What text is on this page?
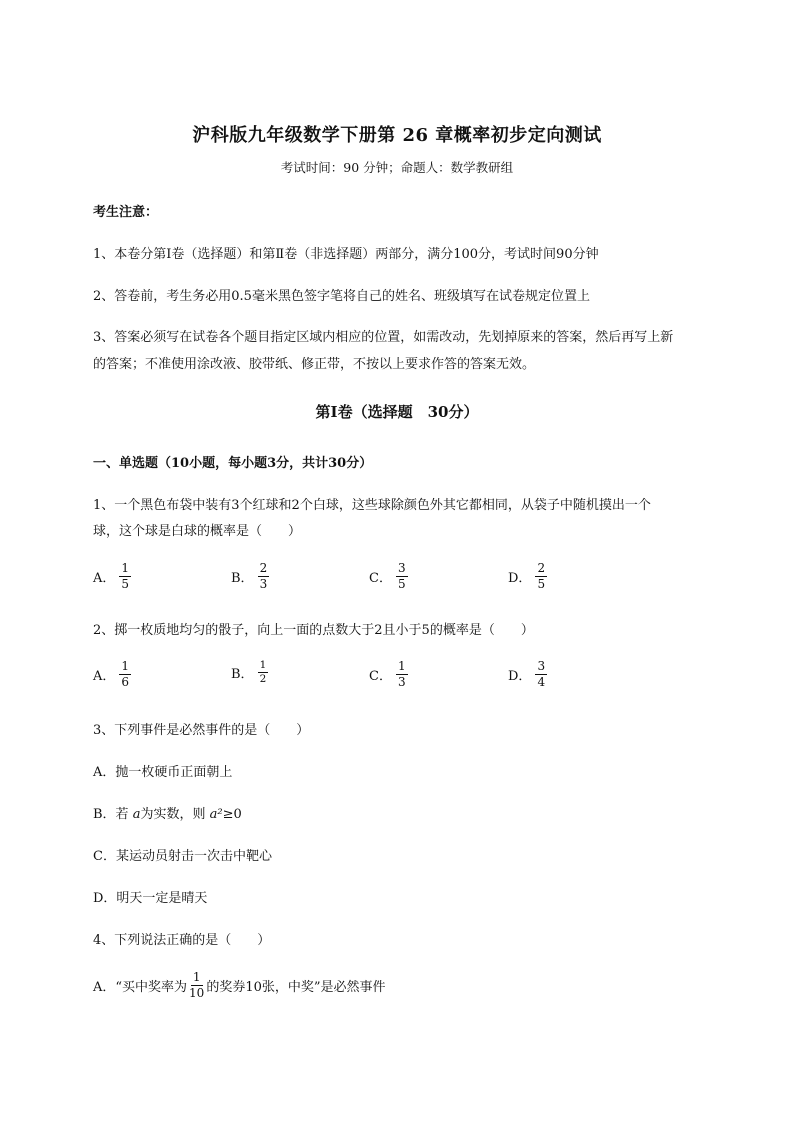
沪科版九年级数学下册第 26 章概率初步定向测试
考试时间：90 分钟；命题人：数学教研组
考生注意：
1、本卷分第Ⅰ卷（选择题）和第Ⅱ卷（非选择题）两部分，满分100分，考试时间90分钟
2、答卷前，考生务必用0.5毫米黑色签字笔将自己的姓名、班级填写在试卷规定位置上
3、答案必须写在试卷各个题目指定区域内相应的位置，如需改动，先划掉原来的答案，然后再写上新
的答案；不准使用涂改液、胶带纸、修正带，不按以上要求作答的答案无效。
第Ⅰ卷（选择题　30分）
一、单选题（10小题，每小题3分，共计30分）
1、一个黑色布袋中装有3个红球和2个白球，这些球除颜色外其它都相同，从袋子中随机摸出一个
球，这个球是白球的概率是（　　）
A． $\frac{1}{5}$	B． $\frac{2}{3}$	C． $\frac{3}{5}$	D． $\frac{2}{5}$
2、掷一枚质地均匀的骰子，向上一面的点数大于2且小于5的概率是（　　）
A． $\frac{1}{6}$	B． $\frac{1}{2}$	C． $\frac{1}{3}$	D． $\frac{3}{4}$
3、下列事件是必然事件的是（　　）
A．抛一枚硬币正面朝上
B．若 a为实数，则 a²≥0
C．某运动员射击一次击中靶心
D．明天一定是晴天
4、下列说法正确的是（　　）
A．“买中奖率为 $\frac{1}{10}$ 的奖券10张，中奖”是必然事件
